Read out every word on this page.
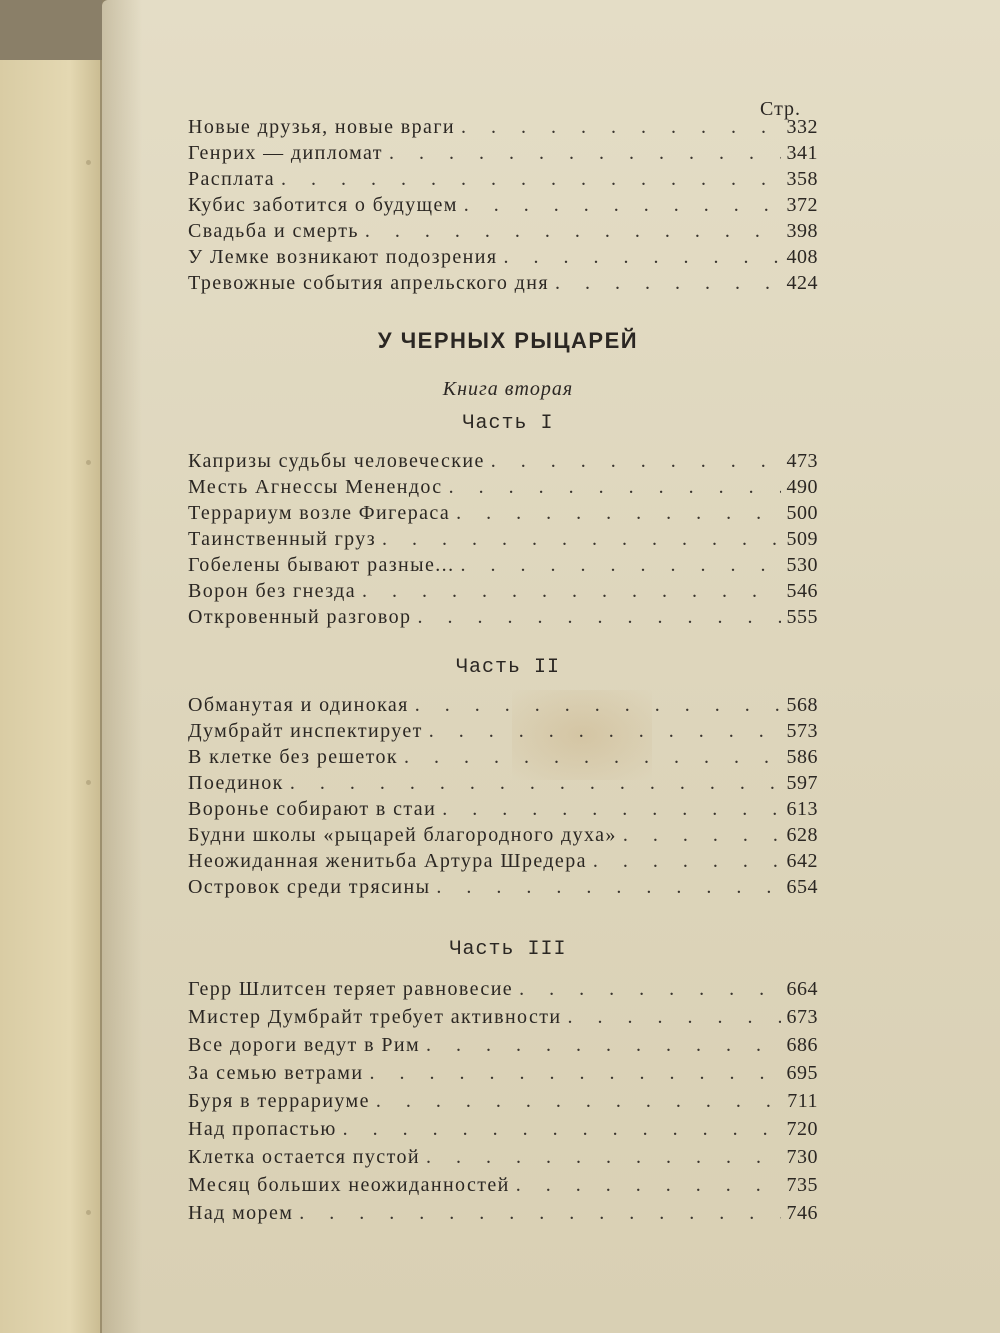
Стр.
Новые друзья, новые враги . . .	332
Генрих — дипломат . . .	341
Расплата . . .	358
Кубис заботится о будущем . . .	372
Свадьба и смерть . . .	398
У Лемке возникают подозрения . . .	408
Тревожные события апрельского дня . . .	424
У ЧЕРНЫХ РЫЦАРЕЙ
Книга вторая
Часть I
Капризы судьбы человеческие . . .	473
Месть Агнессы Менендос . . .	490
Террариум возле Фигераса . . .	500
Таинственный груз . . .	509
Гобелены бывают разные... . . .	530
Ворон без гнезда . . .	546
Откровенный разговор . . .	555
Часть II
Обманутая и одинокая . . .	568
Думбрайт инспектирует . . .	573
В клетке без решеток . . .	586
Поединок . . .	597
Воронье собирают в стаи . . .	613
Будни школы «рыцарей благородного духа» . . .	628
Неожиданная женитьба Артура Шредера . . .	642
Островок среди трясины . . .	654
Часть III
Герр Шлитсен теряет равновесие . . .	664
Мистер Думбрайт требует активности . . .	673
Все дороги ведут в Рим . . .	686
За семью ветрами . . .	695
Буря в террариуме . . .	711
Над пропастью . . .	720
Клетка остается пустой . . .	730
Месяц больших неожиданностей . . .	735
Над морем . . .	746
